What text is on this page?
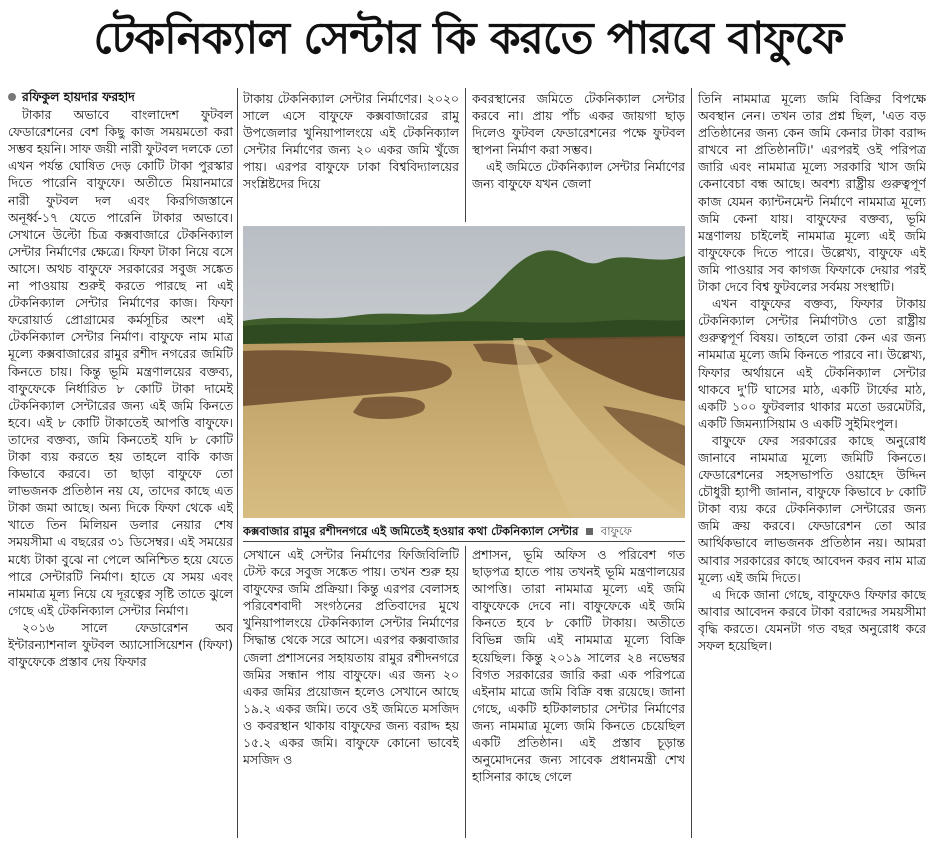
টেকনিক্যাল সেন্টার কি করতে পারবে বাফুফে
রফিকুল হায়দার ফরহাদ

টাকার অভাবে বাংলাদেশ ফুটবল ফেডারেশনের বেশ কিছু কাজ সময়মতো করা সম্ভব হয়নি। সাফ জয়ী নারী ফুটবল দলকে তো এখন পর্যন্ত ঘোষিত দেড় কোটি টাকা পুরস্কার দিতে পারেনি বাফুফে। অতীতে মিয়ানমারে নারী ফুটবল দল এবং কিরগিজস্তানে অনূর্ধ্ব-১৭ যেতে পারেনি টাকার অভাবে। সেখানে উল্টো চিত্র কক্সবাজারে টেকনিক্যাল সেন্টার নির্মাণের ক্ষেত্রে। ফিফা টাকা নিয়ে বসে আসে। অথচ বাফুফে সরকারের সবুজ সঙ্কেত না পাওয়ায় শুরুই করতে পারছে না এই টেকনিক্যাল সেন্টার নির্মাণের কাজ। ফিফা ফরোয়ার্ড প্রোগ্রামের কর্মসূচির অংশ এই টেকনিক্যাল সেন্টার নির্মাণ। বাফুফে নাম মাত্র মূল্যে কক্সবাজারের রামুর রশীদ নগরের জমিটি কিনতে চায়। কিন্তু ভূমি মন্ত্রণালয়ের বক্তব্য, বাফুফেকে নির্ধারিত ৮ কোটি টাকা দামেই টেকনিক্যাল সেন্টারের জন্য এই জমি কিনতে হবে। এই ৮ কোটি টাকাতেই আপত্তি বাফুফে। তাদের বক্তব্য, জমি কিনতেই যদি ৮ কোটি টাকা ব্যয় করতে হয় তাহলে বাকি কাজ কিভাবে করবে। তা ছাড়া বাফুফে তো লাভজনক প্রতিষ্ঠান নয় যে, তাদের কাছে এত টাকা জমা আছে। অন্য দিকে ফিফা থেকে এই খাতে তিন মিলিয়ন ডলার নেয়ার শেষ সময়সীমা এ বছরের ৩১ ডিসেম্বর। এই সময়ের মধ্যে টাকা বুঝে না পেলে অনিশ্চিত হয়ে যেতে পারে সেন্টারটি নির্মাণ। হাতে যে সময় এবং নামমাত্র মূল্য নিয়ে যে দূরত্বের সৃষ্টি তাতে ঝুলে গেছে এই টেকনিক্যাল সেন্টার নির্মাণ।

২০১৬ সালে ফেডারেশন অব ইন্টারন্যাশনাল ফুটবল অ্যাসোসিয়েশন (ফিফা) বাফুফেকে প্রস্তাব দেয় ফিফার

টাকায় টেকনিক্যাল সেন্টার নির্মাণের। ২০২০ সালে এসে বাফুফে কক্সবাজারের রামু উপজেলার খুনিয়াপালংয়ে এই টেকনিক্যাল সেন্টার নির্মাণের জন্য ২০ একর জমি খুঁজে পায়। এরপর বাফুফে ঢাকা বিশ্ববিদ্যালয়ের সংশ্লিষ্টদের দিয়ে

কবরস্থানের জমিতে টেকনিক্যাল সেন্টার করবে না। প্রায় পাঁচ একর জায়গা ছাড় দিলেও ফুটবল ফেডারেশনের পক্ষে ফুটবল স্থাপনা নির্মাণ করা সম্ভব।

এই জমিতে টেকনিক্যাল সেন্টার নির্মাণের জন্য বাফুফে যখন জেলা

কক্সবাজার রামুর রশীদনগরে এই জমিতেই হওয়ার কথা টেকনিক্যাল সেন্টার বাফুফে

সেখানে এই সেন্টার নির্মাণের ফিজিবিলিটি টেস্ট করে সবুজ সঙ্কেত পায়। তখন শুরু হয় বাফুফের জমি প্রক্রিয়া। কিন্তু এরপর বেলাসহ পরিবেশবাদী সংগঠনের প্রতিবাদের মুখে খুনিয়াপালংয়ে টেকনিক্যাল সেন্টার নির্মাণের সিদ্ধান্ত থেকে সরে আসে। এরপর কক্সবাজার জেলা প্রশাসনের সহায়তায় রামুর রশীদনগরে জমির সন্ধান পায় বাফুফে। এর জন্য ২০ একর জমির প্রয়োজন হলেও সেখানে আছে ১৯.২ একর জমি। তবে ওই জমিতে মসজিদ ও কবরস্থান থাকায় বাফুফের জন্য বরাদ্দ হয় ১৫.২ একর জমি। বাফুফে কোনো ভাবেই মসজিদ ও

প্রশাসন, ভূমি অফিস ও পরিবেশ গত ছাড়পত্র হাতে পায় তখনই ভূমি মন্ত্রণালয়ের আপত্তি। তারা নামমাত্র মূল্যে এই জমি বাফুফেকে দেবে না। বাফুফেকে এই জমি কিনতে হবে ৮ কোটি টাকায়। অতীতে বিভিন্ন জমি এই নামমাত্র মূল্যে বিক্রি হয়েছিল। কিন্তু ২০১৯ সালের ২৪ নভেম্বর বিগত সরকারের জারি করা এক পরিপত্রে এইনাম মাত্রে জমি বিক্রি বন্ধ রয়েছে। জানা গেছে, একটি হটিকালচার সেন্টার নির্মাণের জন্য নামমাত্র মূল্যে জমি কিনতে চেয়েছিল একটি প্রতিষ্ঠান। এই প্রস্তাব চূড়ান্ত অনুমোদনের জন্য সাবেক প্রধানমন্ত্রী শেখ হাসিনার কাছে গেলে

তিনি নামমাত্র মূল্যে জমি বিক্রির বিপক্ষে অবস্থান নেন। তখন তার প্রশ্ন ছিল, 'এত বড় প্রতিষ্ঠানের জন্য কেন জমি কেনার টাকা বরাদ্দ রাখবে না প্রতিষ্ঠানটি।' এরপরই ওই পরিপত্র জারি এবং নামমাত্র মূল্যে সরকারি খাস জমি কেনাবেচা বন্ধ আছে। অবশ্য রাষ্ট্রীয় গুরুত্বপূর্ণ কাজ যেমন ক্যান্টনমেন্ট নির্মাণে নামমাত্র মূল্যে জমি কেনা যায়। বাফুফের বক্তব্য, ভূমি মন্ত্রণালয় চাইলেই নামমাত্র মূল্যে এই জমি বাফুফেকে দিতে পারে। উল্লেখ্য, বাফুফে এই জমি পাওয়ার সব কাগজ ফিফাকে দেয়ার পরই টাকা দেবে বিশ্ব ফুটবলের সর্বময় সংস্থাটি।

এখন বাফুফের বক্তব্য, ফিফার টাকায় টেকনিক্যাল সেন্টার নির্মাণটাও তো রাষ্ট্রীয় গুরুত্বপূর্ণ বিষয়। তাহলে তারা কেন এর জন্য নামমাত্র মূল্যে জমি কিনতে পারবে না। উল্লেখ্য, ফিফার অর্থায়নে এই টেকনিক্যাল সেন্টার থাকবে দু'টি ঘাসের মাঠ, একটি টার্ফের মাঠ, একটি ১০০ ফুটবলার থাকার মতো ডরমেটরি, একটি জিমন্যাসিয়াম ও একটি সুইমিংপুল।

বাফুফে ফের সরকারের কাছে অনুরোধ জানাবে নামমাত্র মূল্যে জমিটি কিনতে। ফেডারেশনের সহসভাপতি ওয়াহেদ উদ্দিন চৌধুরী হ্যাপী জানান, বাফুফে কিভাবে ৮ কোটি টাকা ব্যয় করে টেকনিক্যাল সেন্টারের জন্য জমি ক্রয় করবে। ফেডারেশন তো আর আর্থিকভাবে লাভজনক প্রতিষ্ঠান নয়। আমরা আবার সরকারের কাছে আবেদন করব নাম মাত্র মূল্যে এই জমি দিতে।

এ দিকে জানা গেছে, বাফুফেও ফিফার কাছে আবার আবেদন করবে টাকা বরাদ্দের সময়সীমা বৃদ্ধি করতে। যেমনটা গত বছর অনুরোধ করে সফল হয়েছিল।
